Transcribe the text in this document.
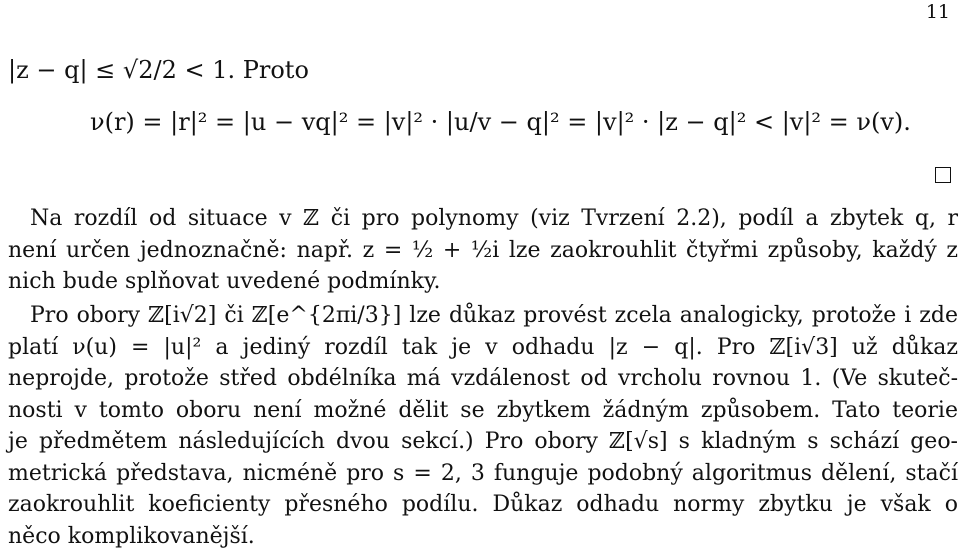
11
|z − q| ≤ √2/2 < 1. Proto
ν(r) = |r|² = |u − vq|² = |v|² · |u/v − q|² = |v|² · |z − q|² < |v|² = ν(v).
Na rozdíl od situace v ℤ či pro polynomy (viz Tvrzení 2.2), podíl a zbytek q, r
není určen jednoznačně: např. z = ½ + ½i lze zaokrouhlit čtyřmi způsoby, každý z
nich bude splňovat uvedené podmínky.
Pro obory ℤ[i√2] či ℤ[e^{2πi/3}] lze důkaz provést zcela analogicky, protože i zde
platí ν(u) = |u|² a jediný rozdíl tak je v odhadu |z − q|. Pro ℤ[i√3] už důkaz
neprojde, protože střed obdélníka má vzdálenost od vrcholu rovnou 1. (Ve skuteč-
nosti v tomto oboru není možné dělit se zbytkem žádným způsobem. Tato teorie
je předmětem následujících dvou sekcí.) Pro obory ℤ[√s] s kladným s schází geo-
metrická představa, nicméně pro s = 2, 3 funguje podobný algoritmus dělení, stačí
zaokrouhlit koeficienty přesného podílu. Důkaz odhadu normy zbytku je však o
něco komplikovanější.
